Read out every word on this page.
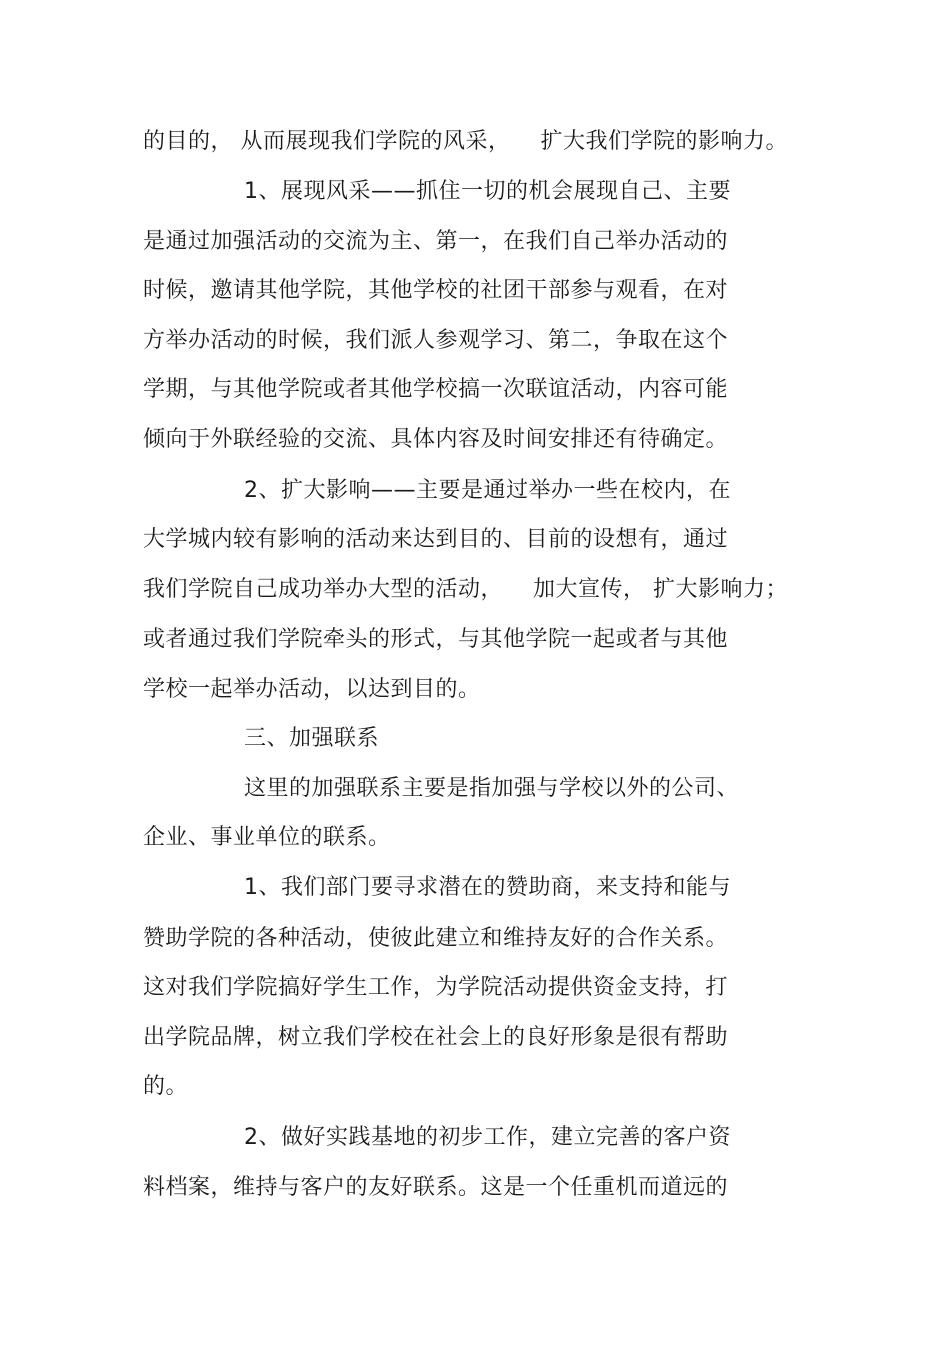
的目的， 从而展现我们学院的风采，    扩大我们学院的影响力。
1、展现风采——抓住一切的机会展现自己、主要
是通过加强活动的交流为主、第一，在我们自己举办活动的
时候，邀请其他学院，其他学校的社团干部参与观看，在对
方举办活动的时候，我们派人参观学习、第二，争取在这个
学期，与其他学院或者其他学校搞一次联谊活动，内容可能
倾向于外联经验的交流、具体内容及时间安排还有待确定。
2、扩大影响——主要是通过举办一些在校内，在
大学城内较有影响的活动来达到目的、目前的设想有，通过
我们学院自己成功举办大型的活动，    加大宣传， 扩大影响力；
或者通过我们学院牵头的形式，与其他学院一起或者与其他
学校一起举办活动，以达到目的。
三、加强联系
这里的加强联系主要是指加强与学校以外的公司、
企业、事业单位的联系。
1、我们部门要寻求潜在的赞助商，来支持和能与
赞助学院的各种活动，使彼此建立和维持友好的合作关系。
这对我们学院搞好学生工作，为学院活动提供资金支持，打
出学院品牌，树立我们学校在社会上的良好形象是很有帮助
的。
2、做好实践基地的初步工作，建立完善的客户资
料档案，维持与客户的友好联系。这是一个任重机而道远的
